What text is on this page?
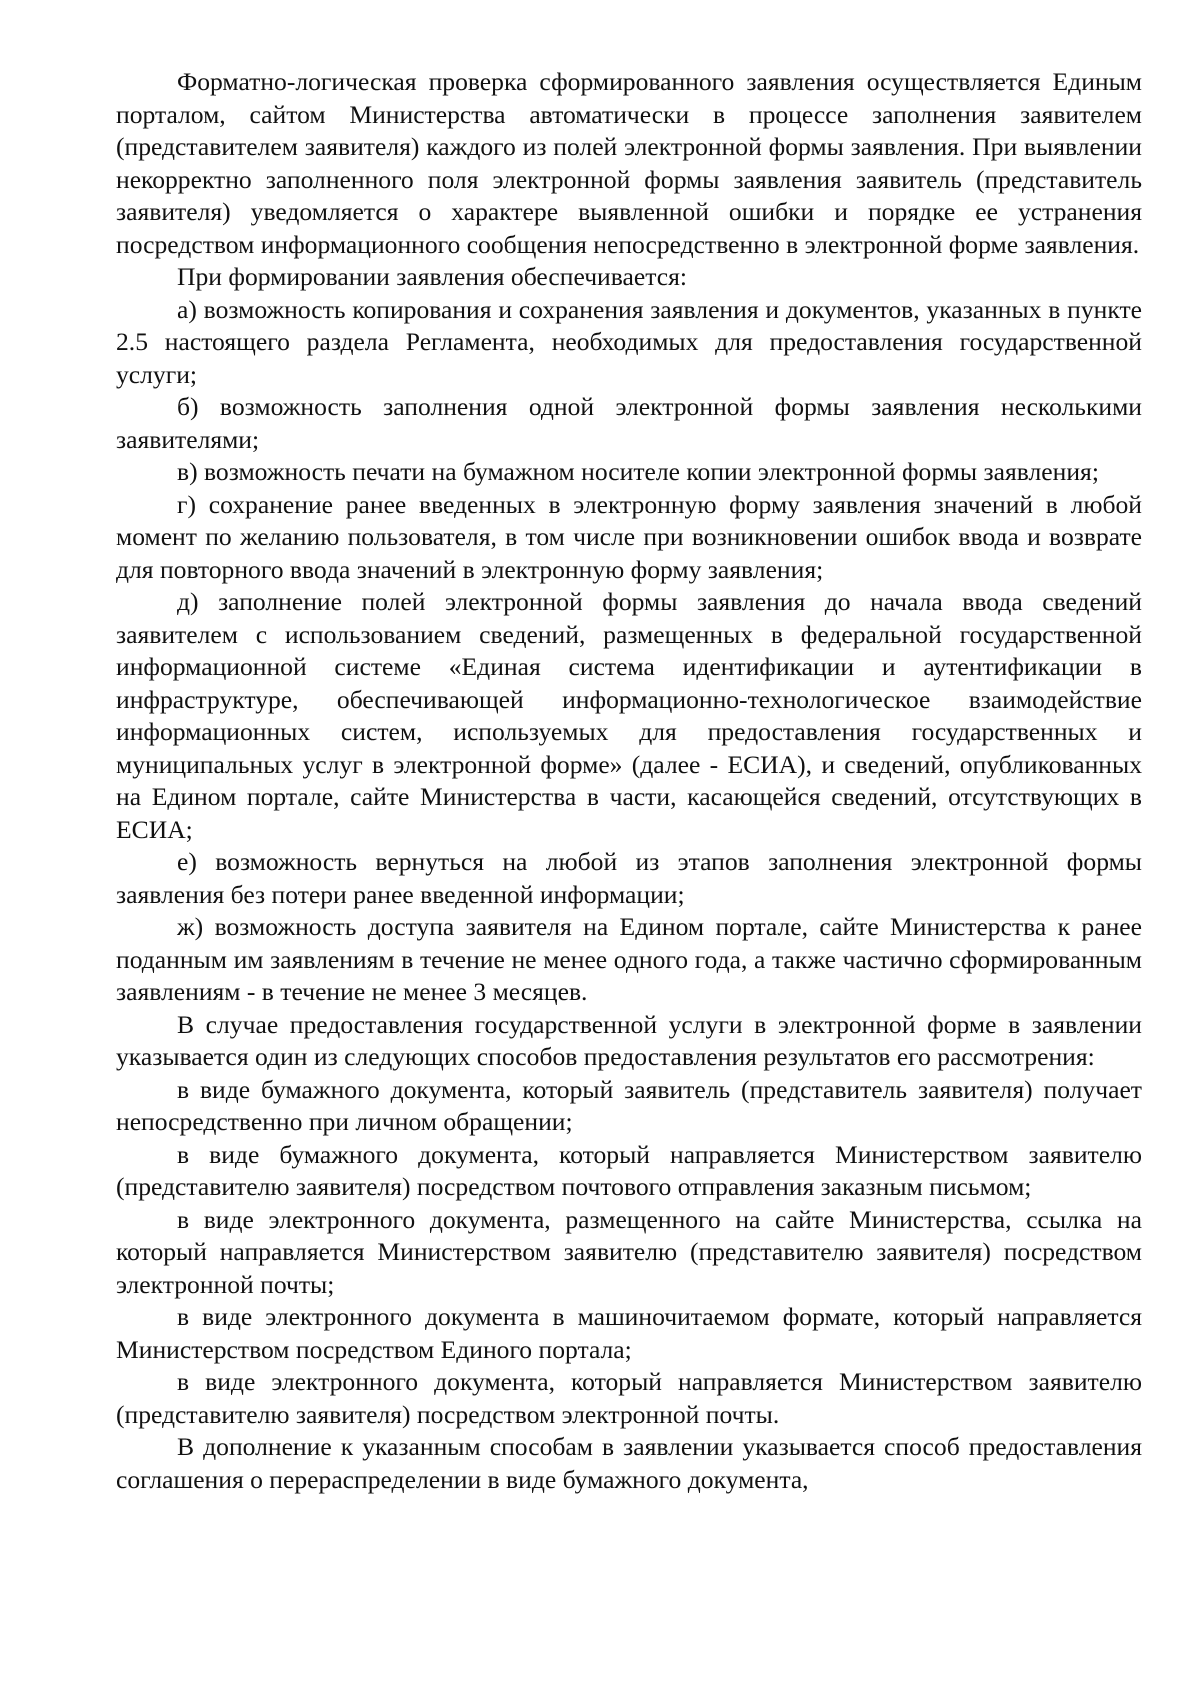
Форматно-логическая проверка сформированного заявления осуществляется Единым порталом, сайтом Министерства автоматически в процессе заполнения заявителем (представителем заявителя) каждого из полей электронной формы заявления. При выявлении некорректно заполненного поля электронной формы заявления заявитель (представитель заявителя) уведомляется о характере выявленной ошибки и порядке ее устранения посредством информационного сообщения непосредственно в электронной форме заявления.

При формировании заявления обеспечивается:

а) возможность копирования и сохранения заявления и документов, указанных в пункте 2.5 настоящего раздела Регламента, необходимых для предоставления государственной услуги;

б) возможность заполнения одной электронной формы заявления несколькими заявителями;

в) возможность печати на бумажном носителе копии электронной формы заявления;

г) сохранение ранее введенных в электронную форму заявления значений в любой момент по желанию пользователя, в том числе при возникновении ошибок ввода и возврате для повторного ввода значений в электронную форму заявления;

д) заполнение полей электронной формы заявления до начала ввода сведений заявителем с использованием сведений, размещенных в федеральной государственной информационной системе «Единая система идентификации и аутентификации в инфраструктуре, обеспечивающей информационно-технологическое взаимодействие информационных систем, используемых для предоставления государственных и муниципальных услуг в электронной форме» (далее - ЕСИА), и сведений, опубликованных на Едином портале, сайте Министерства в части, касающейся сведений, отсутствующих в ЕСИА;

е) возможность вернуться на любой из этапов заполнения электронной формы заявления без потери ранее введенной информации;

ж) возможность доступа заявителя на Едином портале, сайте Министерства к ранее поданным им заявлениям в течение не менее одного года, а также частично сформированным заявлениям - в течение не менее 3 месяцев.

В случае предоставления государственной услуги в электронной форме в заявлении указывается один из следующих способов предоставления результатов его рассмотрения:

в виде бумажного документа, который заявитель (представитель заявителя) получает непосредственно при личном обращении;

в виде бумажного документа, который направляется Министерством заявителю (представителю заявителя) посредством почтового отправления заказным письмом;

в виде электронного документа, размещенного на сайте Министерства, ссылка на который направляется Министерством заявителю (представителю заявителя) посредством электронной почты;

в виде электронного документа в машиночитаемом формате, который направляется Министерством посредством Единого портала;

в виде электронного документа, который направляется Министерством заявителю (представителю заявителя) посредством электронной почты.

В дополнение к указанным способам в заявлении указывается способ предоставления соглашения о перераспределении в виде бумажного документа,
